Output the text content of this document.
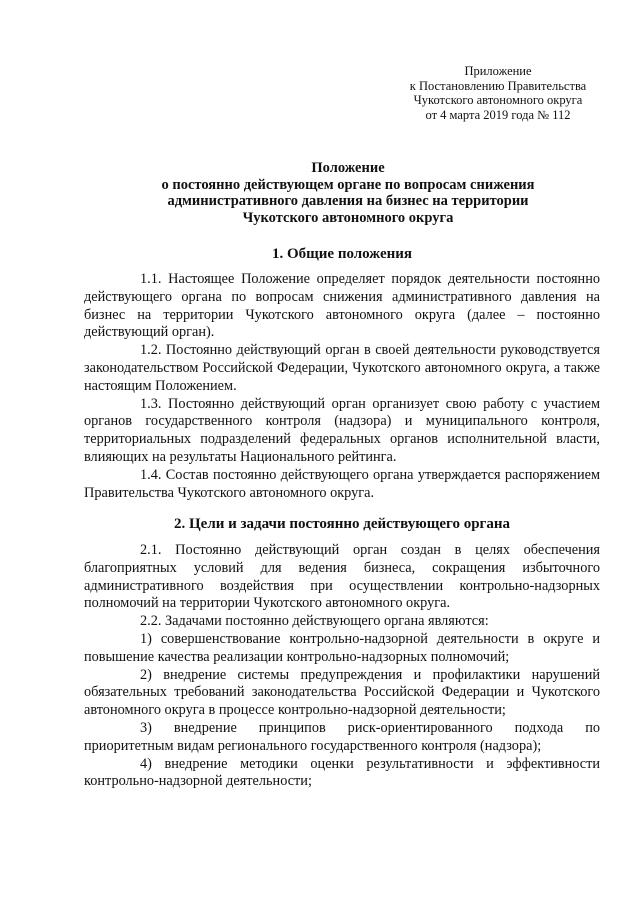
Приложение
к Постановлению Правительства
Чукотского автономного округа
от 4 марта 2019 года № 112
Положение
о постоянно действующем органе по вопросам снижения
административного давления на бизнес на территории
Чукотского автономного округа
1. Общие положения

1.1. Настоящее Положение определяет порядок деятельности постоянно действующего органа по вопросам снижения административного давления на бизнес на территории Чукотского автономного округа (далее – постоянно действующий орган).

1.2. Постоянно действующий орган в своей деятельности руководствуется законодательством Российской Федерации, Чукотского автономного округа, а также настоящим Положением.

1.3. Постоянно действующий орган организует свою работу с участием органов государственного контроля (надзора) и муниципального контроля, территориальных подразделений федеральных органов исполнительной власти, влияющих на результаты Национального рейтинга.

1.4. Состав постоянно действующего органа утверждается распоряжением Правительства Чукотского автономного округа.

2. Цели и задачи постоянно действующего органа

2.1. Постоянно действующий орган создан в целях обеспечения благоприятных условий для ведения бизнеса, сокращения избыточного административного воздействия при осуществлении контрольно-надзорных полномочий на территории Чукотского автономного округа.

2.2. Задачами постоянно действующего органа являются:

1) совершенствование контрольно-надзорной деятельности в округе и повышение качества реализации контрольно-надзорных полномочий;

2) внедрение системы предупреждения и профилактики нарушений обязательных требований законодательства Российской Федерации и Чукотского автономного округа в процессе контрольно-надзорной деятельности;

3) внедрение принципов риск-ориентированного подхода по приоритетным видам регионального государственного контроля (надзора);

4) внедрение методики оценки результативности и эффективности контрольно-надзорной деятельности;
